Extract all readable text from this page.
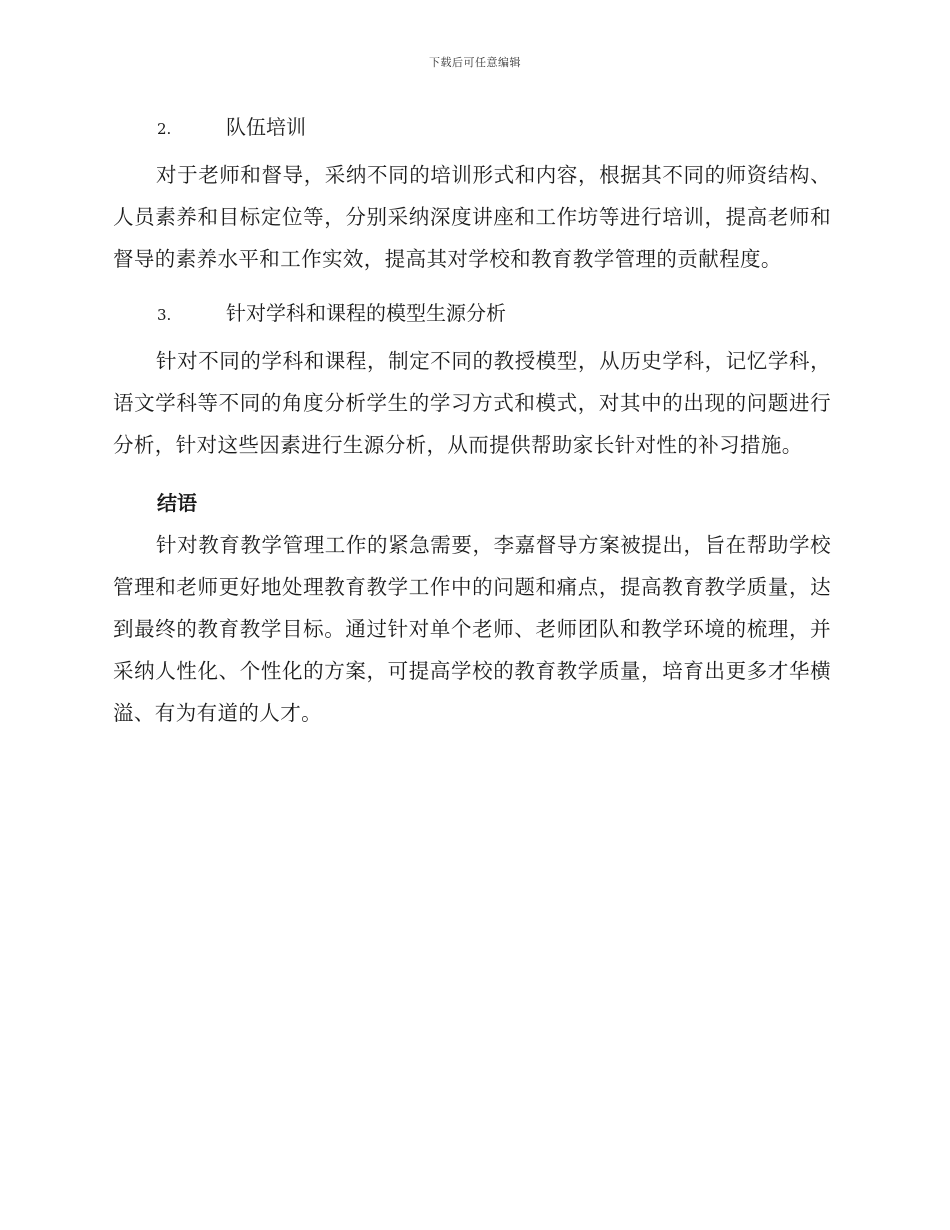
下载后可任意编辑
2.	队伍培训

对于老师和督导，采纳不同的培训形式和内容，根据其不同的师资结构、人员素养和目标定位等，分别采纳深度讲座和工作坊等进行培训，提高老师和督导的素养水平和工作实效，提高其对学校和教育教学管理的贡献程度。

3.	针对学科和课程的模型生源分析

针对不同的学科和课程，制定不同的教授模型，从历史学科，记忆学科，语文学科等不同的角度分析学生的学习方式和模式，对其中的出现的问题进行分析，针对这些因素进行生源分析，从而提供帮助家长针对性的补习措施。

结语

针对教育教学管理工作的紧急需要，李嘉督导方案被提出，旨在帮助学校管理和老师更好地处理教育教学工作中的问题和痛点，提高教育教学质量，达到最终的教育教学目标。通过针对单个老师、老师团队和教学环境的梳理，并采纳人性化、个性化的方案，可提高学校的教育教学质量，培育出更多才华横溢、有为有道的人才。
